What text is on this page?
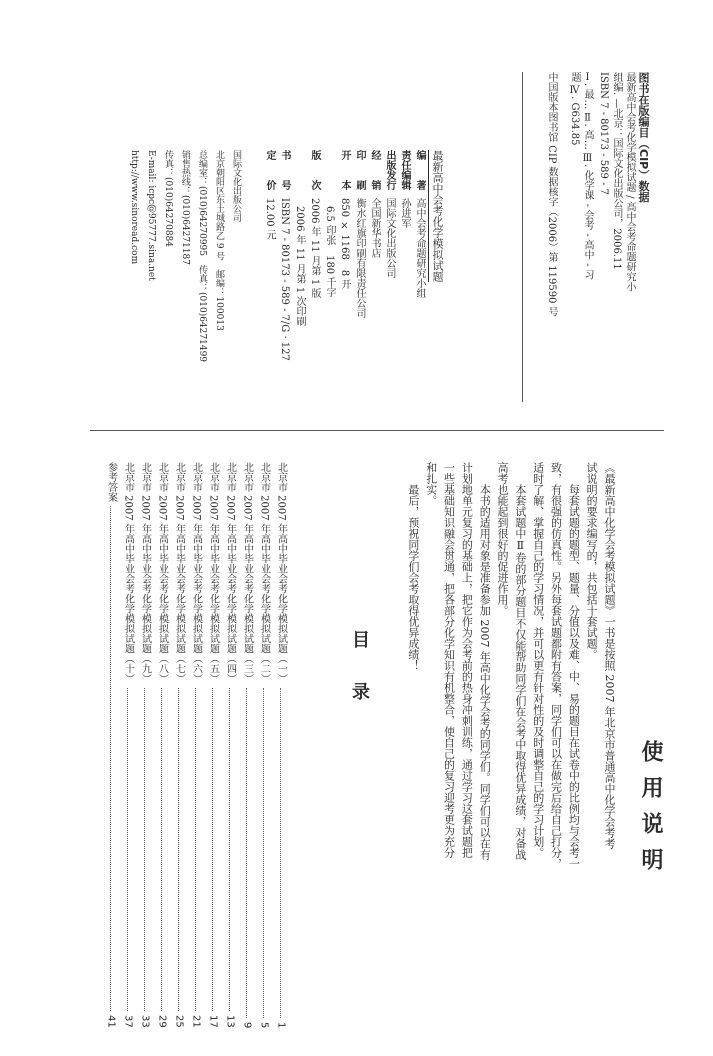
图书在版编目（CIP）数据
最新高中会考化学模拟试题 / 高中会考命题研究小
组编. —北京：国际文化出版公司，2006.11
ISBN 7 - 80173 - 589 - 7
Ⅰ. 最… Ⅱ. 高… Ⅲ. 化学课 - 会考 - 高中 - 习
题 Ⅳ. G634.85
中国版本图书馆 CIP 数据核字（2006）第 119590 号
最新高中会考化学模拟试题
编　　著高中会考命题研究小组
责任编辑孙进军
出版发行国际文化出版公司
经　　销全国新华书店
印　　刷衡水红旗印刷有限责任公司
开　　本850 × 1168　8 开
6.5 印张　180 千字
版　　次2006 年 11 月第 1 版
2006 年 11 月第 1 次印刷
书　　号ISBN 7 - 80173 - 589 - 7/G · 127
定　　价12.00 元
国际文化出版公司
北京朝阳区东土城路乙 9 号　邮编：100013
总编室：(010)64270995　传真：(010)64271499
销售热线：(010)64271187
传真：(010)64270884
E-mail: icpc@95777.sina.net
http://www.sinoread.com
使用说明
《最新高中化学会考模拟试题》一书是按照 2007 年北京市普通高中化学会考考
试说明的要求编写的，共包括十套试题。
每套试题的题型、题量、分值以及难、中、易的题目在试卷中的比例均与会考一
致，有很强的仿真性。另外每套试题都附有答案，同学们可以在做完后给自己打分，
适时了解、掌握自己的学习情况，并可以更有针对性的及时调整自己的学习计划。
本套试题中Ⅱ卷的部分题目不仅能帮助同学们在会考中取得优异成绩，对备战
高考也能起到很好的促进作用。
本书的适用对象是准备参加 2007 年高中化学会考的同学们。同学们可以在有
计划地单元复习的基础上，把它作为会考前的热身冲刺训练，通过学习这套试题把
一些基础知识融会贯通，把各部分化学知识有机整合，使自己的复习迎考更为充分
和扎实。
最后，预祝同学们会考取得优异成绩！
目　录
北京市 2007 年高中毕业会考化学模拟试题（一）
1
北京市 2007 年高中毕业会考化学模拟试题（二）
5
北京市 2007 年高中毕业会考化学模拟试题（三）
9
北京市 2007 年高中毕业会考化学模拟试题（四）
13
北京市 2007 年高中毕业会考化学模拟试题（五）
17
北京市 2007 年高中毕业会考化学模拟试题（六）
21
北京市 2007 年高中毕业会考化学模拟试题（七）
25
北京市 2007 年高中毕业会考化学模拟试题（八）
29
北京市 2007 年高中毕业会考化学模拟试题（九）
33
北京市 2007 年高中毕业会考化学模拟试题（十）
37
参考答案
41
